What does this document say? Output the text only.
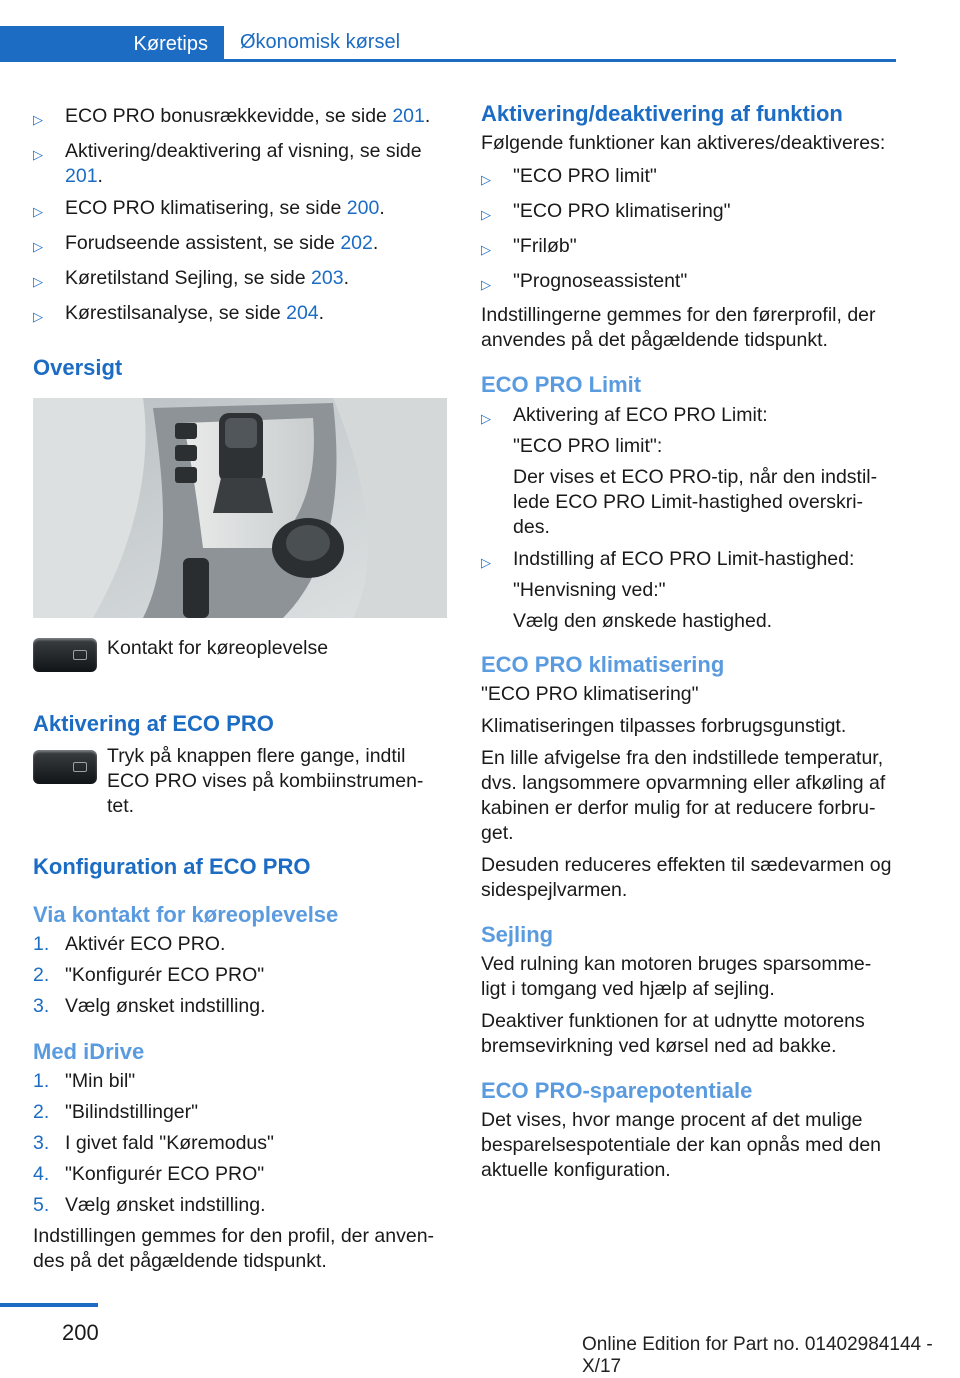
Køretips	Økonomisk kørsel
▷	ECO PRO bonusrækkevidde, se side 201.
▷	Aktivering/deaktivering af visning, se side 201.
▷	ECO PRO klimatisering, se side 200.
▷	Forudseende assistent, se side 202.
▷	Køretilstand Sejling, se side 203.
▷	Kørestilsanalyse, se side 204.
Oversigt
Kontakt for køreoplevelse
Aktivering af ECO PRO
Tryk på knappen flere gange, indtil ECO PRO vises på kombiinstrumen‐tet.
Konfiguration af ECO PRO
Via kontakt for køreoplevelse
1. Aktivér ECO PRO.
2. "Konfigurér ECO PRO"
3. Vælg ønsket indstilling.
Med iDrive
1. "Min bil"
2. "Bilindstillinger"
3. I givet fald "Køremodus"
4. "Konfigurér ECO PRO"
5. Vælg ønsket indstilling.
Indstillingen gemmes for den profil, der anven‐des på det pågældende tidspunkt.
Aktivering/deaktivering af funktion
Følgende funktioner kan aktiveres/deaktiveres:
▷	"ECO PRO limit"
▷	"ECO PRO klimatisering"
▷	"Friløb"
▷	"Prognoseassistent"
Indstillingerne gemmes for den førerprofil, der anvendes på det pågældende tidspunkt.
ECO PRO Limit
▷	Aktivering af ECO PRO Limit:
"ECO PRO limit":
Der vises et ECO PRO-tip, når den indstil‐lede ECO PRO Limit-hastighed overskri‐des.
▷	Indstilling af ECO PRO Limit-hastighed:
"Henvisning ved:"
Vælg den ønskede hastighed.
ECO PRO klimatisering
"ECO PRO klimatisering"
Klimatiseringen tilpasses forbrugsgunstigt.
En lille afvigelse fra den indstillede temperatur, dvs. langsommere opvarmning eller afkøling af kabinen er derfor mulig for at reducere forbru‐get.
Desuden reduceres effekten til sædevarmen og sidespejlvarmen.
Sejling
Ved rulning kan motoren bruges sparsomme‐ligt i tomgang ved hjælp af sejling.
Deaktiver funktionen for at udnytte motorens bremsevirkning ved kørsel ned ad bakke.
ECO PRO-sparepotentiale
Det vises, hvor mange procent af det mulige besparelsespotentiale der kan opnås med den aktuelle konfiguration.
200	Online Edition for Part no. 01402984144 - X/17
